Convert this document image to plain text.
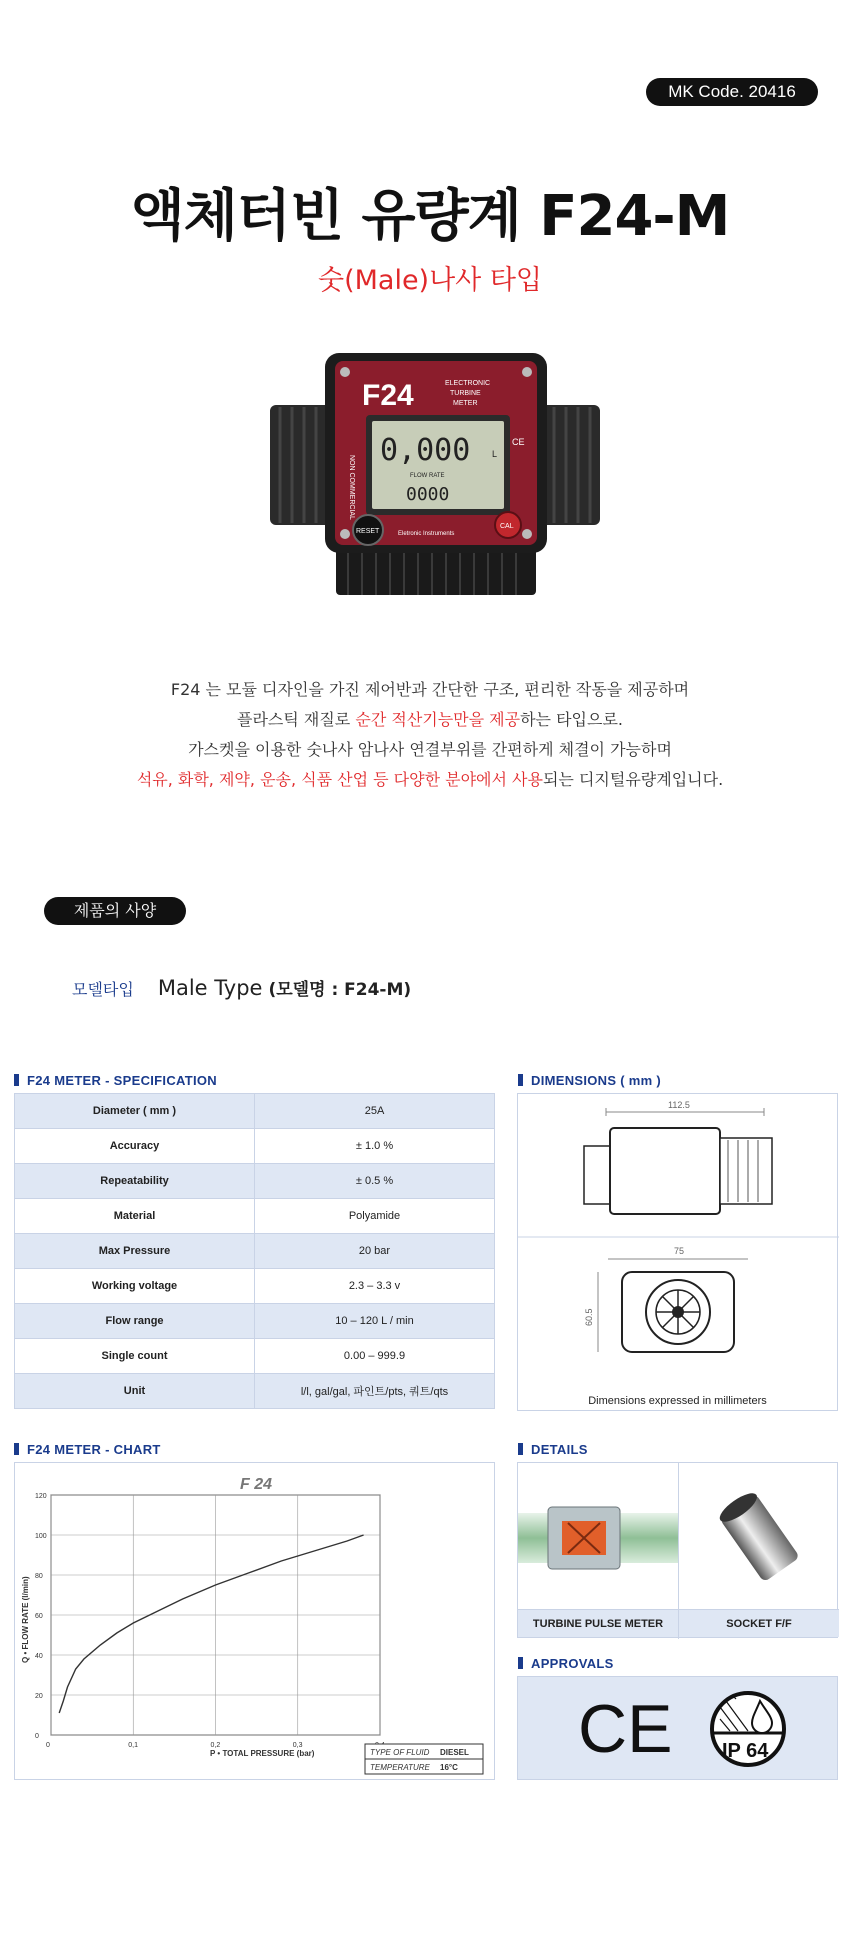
MK Code. 20416
액체터빈 유량계 F24-M
숫(Male)나사 타입
F24	ELECTRONIC
TURBINE
METER
NON COMMERCIAL
0,000 L
FLOW RATE
0000
CE
RESET
CAL
Eletronic Instruments
F24 는 모듈 디자인을 가진 제어반과 간단한 구조, 편리한 작동을 제공하며
플라스틱 재질로 순간 적산기능만을 제공하는 타입으로.
가스켓을 이용한 숫나사 암나사 연결부위를 간편하게 체결이 가능하며
석유, 화학, 제약, 운송, 식품 산업 등 다양한 분야에서 사용되는 디지털유량계입니다.
제품의 사양
모델타입 Male Type (모델명 : F24-M)
F24 METER - SPECIFICATION
Diameter ( mm )	25A
Accuracy	± 1.0 %
Repeatability	± 0.5 %
Material	Polyamide
Max Pressure	20 bar
Working voltage	2.3 – 3.3 v
Flow range	10 – 120 L / min
Single count	0.00 – 999.9
Unit	l/l, gal/gal, 파인트/pts, 쿼트/qts
DIMENSIONS ( mm )
112.5
75
60.5
Dimensions expressed in millimeters
F24 METER - CHART
0	0,1	0,2	0,3
0
20
40
60
80
100
120
F 24
P • TOTAL PRESSURE (bar)
Q • FLOW RATE (l/min)
TYPE OF FLUID DIESEL
TEMPERATURE 16°C
DETAILS
TURBINE PULSE METER	SOCKET F/F
APPROVALS
CE IP 64
